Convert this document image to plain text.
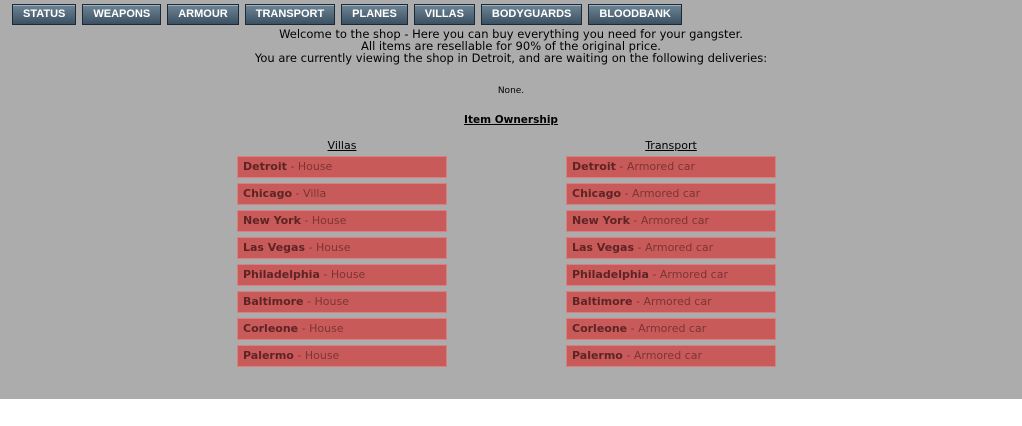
STATUS	WEAPONS	ARMOUR	TRANSPORT	PLANES	VILLAS	BODYGUARDS	BLOODBANK
Welcome to the shop - Here you can buy everything you need for your gangster.
All items are resellable for 90% of the original price.
You are currently viewing the shop in Detroit, and are waiting on the following deliveries:
None.
Item Ownership
Villas
Detroit - House
Chicago - Villa
New York - House
Las Vegas - House
Philadelphia - House
Baltimore - House
Corleone - House
Palermo - House
Transport
Detroit - Armored car
Chicago - Armored car
New York - Armored car
Las Vegas - Armored car
Philadelphia - Armored car
Baltimore - Armored car
Corleone - Armored car
Palermo - Armored car
